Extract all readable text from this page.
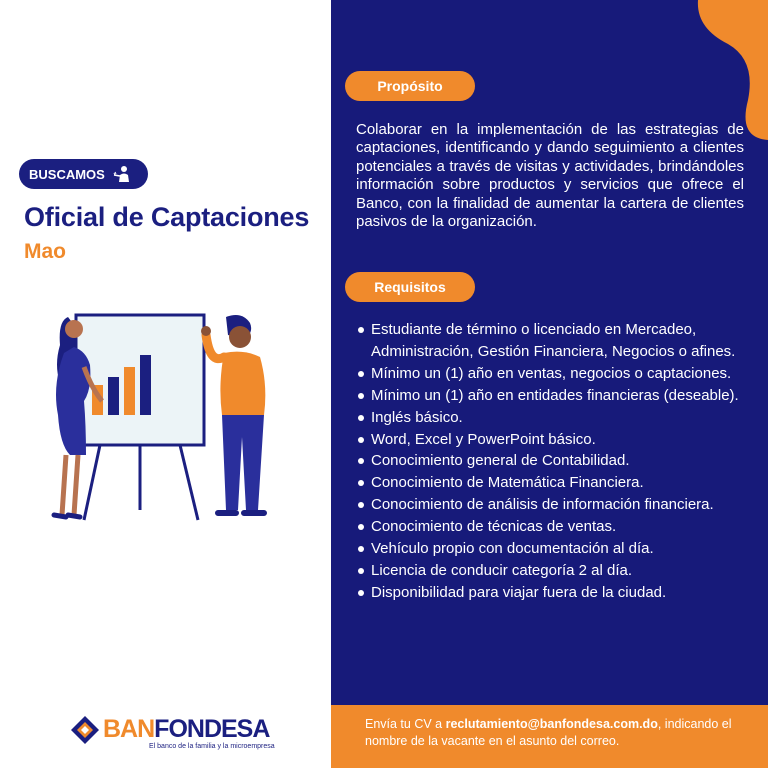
BUSCAMOS
Oficial de Captaciones
Mao
BANFONDESA
El banco de la familia y la microempresa
Propósito

Colaborar en la implementación de las estrategias de captaciones, identificando y dando seguimiento a clientes potenciales a través de visitas y actividades, brindándoles información sobre productos y servicios que ofrece el Banco, con la finalidad de aumentar la cartera de clientes pasivos de la organización.

Requisitos
Estudiante de término o licenciado en Mercadeo, Administración, Gestión Financiera, Negocios o afines.
Mínimo un (1) año en ventas, negocios o captaciones.
Mínimo un (1) año en entidades financieras (deseable).
Inglés básico.
Word, Excel y PowerPoint básico.
Conocimiento general de Contabilidad.
Conocimiento de Matemática Financiera.
Conocimiento de análisis de información financiera.
Conocimiento de técnicas de ventas.
Vehículo propio con documentación al día.
Licencia de conducir categoría 2 al día.
Disponibilidad para viajar fuera de la ciudad.
Envía tu CV a reclutamiento@banfondesa.com.do, indicando el nombre de la vacante en el asunto del correo.
